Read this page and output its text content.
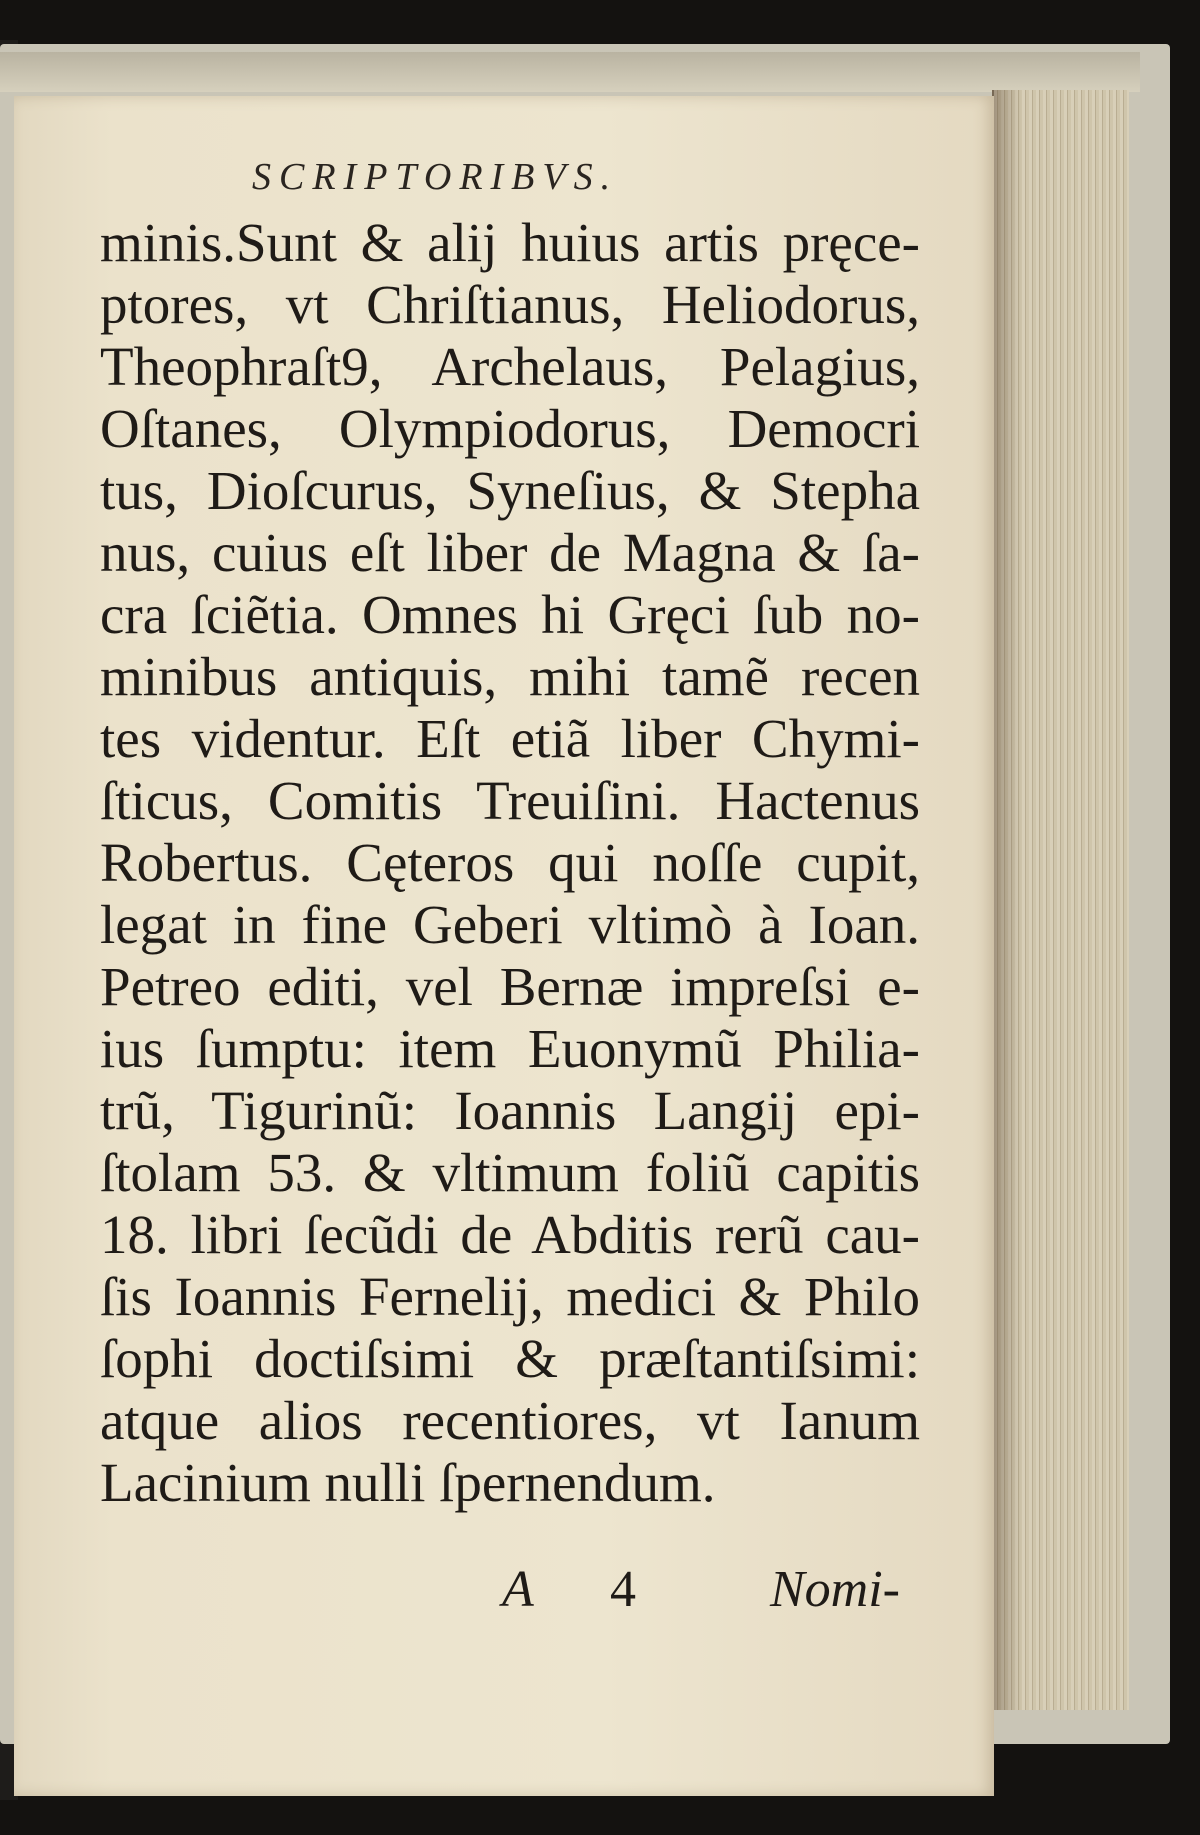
SCRIPTORIBVS.
minis.Sunt & alij huius artis pręce-
ptores, vt Chriſtianus, Heliodorus,
Theophraſt9, Archelaus, Pelagius,
Oſtanes, Olympiodorus, Democri
tus, Dioſcurus, Syneſius, & Stepha
nus, cuius eſt liber de Magna & ſa-
cra ſciẽtia. Omnes hi Gręci ſub no-
minibus antiquis, mihi tamẽ recen
tes videntur. Eſt etiã liber Chymi-
ſticus, Comitis Treuiſini. Hactenus
Robertus. Cęteros qui noſſe cupit,
legat in fine Geberi vltimò à Ioan.
Petreo editi, vel Bernæ impreſsi e-
ius ſumptu: item Euonymũ Philia-
trũ, Tigurinũ: Ioannis Langij epi-
ſtolam 53. & vltimum foliũ capitis
18. libri ſecũdi de Abditis rerũ cau-
ſis Ioannis Fernelij, medici & Philo
ſophi doctiſsimi & præſtantiſsimi:
atque alios recentiores, vt Ianum
Lacinium nulli ſpernendum.
A 4	Nomi-
